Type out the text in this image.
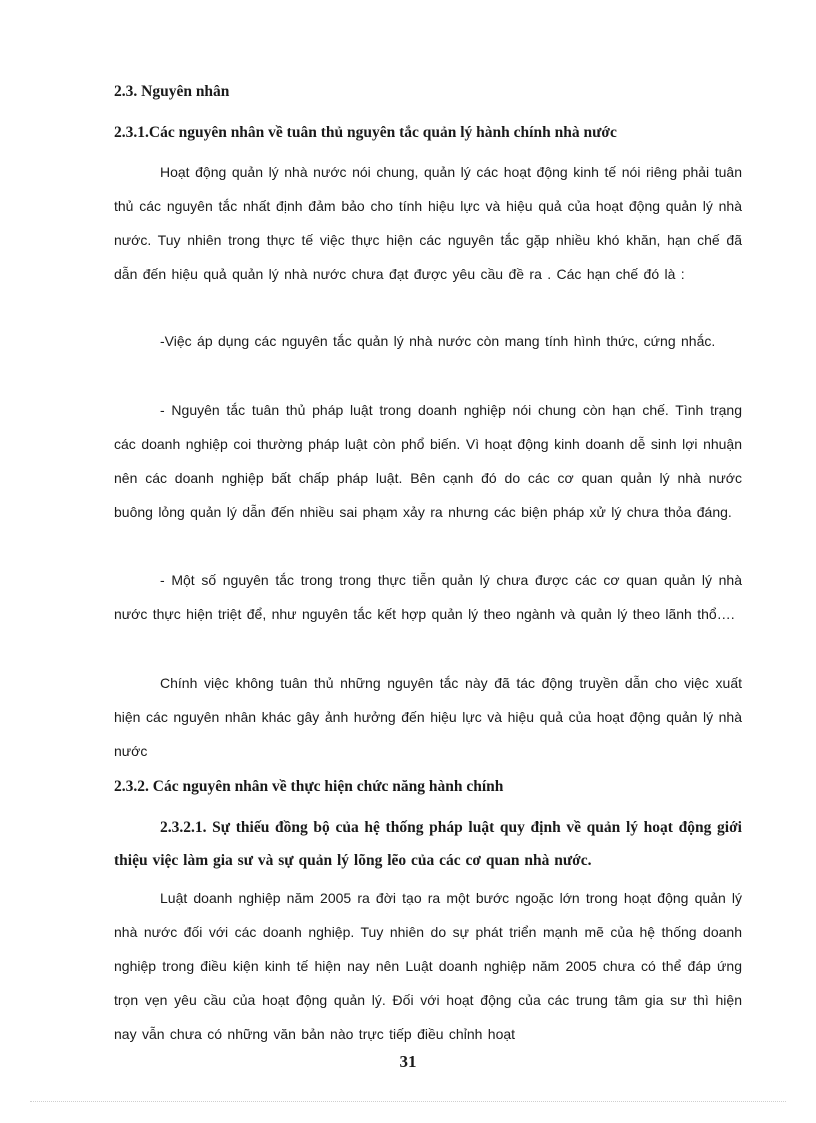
2.3. Nguyên nhân
2.3.1.Các nguyên nhân về tuân thủ nguyên tắc quản lý hành chính nhà nước

Hoạt động quản lý nhà nước nói chung, quản lý các hoạt động kinh tế nói riêng phải tuân thủ các nguyên tắc nhất định đảm bảo cho tính hiệu lực và hiệu quả của hoạt động quản lý nhà nước. Tuy nhiên trong thực tế việc thực hiện các nguyên tắc gặp nhiều khó khăn, hạn chế đã dẫn đến hiệu quả quản lý nhà nước chưa đạt được yêu cầu đề ra . Các hạn chế đó là :

-Việc áp dụng các nguyên tắc quản lý nhà nước còn mang tính hình thức, cứng nhắc.

- Nguyên tắc tuân thủ pháp luật trong doanh nghiệp nói chung còn hạn chế. Tình trạng các doanh nghiệp coi thường pháp luật còn phổ biến. Vì hoạt động kinh doanh dễ sinh lợi nhuận nên các doanh nghiệp bất chấp pháp luật. Bên cạnh đó do các cơ quan quản lý nhà nước buông lỏng quản lý dẫn đến nhiều sai phạm xảy ra nhưng các biện pháp xử lý chưa thỏa đáng.

- Một số nguyên tắc trong trong thực tiễn quản lý chưa được các cơ quan quản lý nhà nước thực hiện triệt để, như nguyên tắc kết hợp quản lý theo ngành và quản lý theo lãnh thổ….

Chính việc không tuân thủ những nguyên tắc này đã tác động truyền dẫn cho việc xuất hiện các nguyên nhân khác gây ảnh hưởng đến hiệu lực và hiệu quả của hoạt động quản lý nhà nước

2.3.2. Các nguyên nhân về thực hiện chức năng hành chính

2.3.2.1. Sự thiếu đồng bộ của hệ thống pháp luật quy định về quản lý hoạt động giới thiệu việc làm gia sư và sự quản lý lõng lẽo của các cơ quan nhà nước.

Luật doanh nghiệp năm 2005 ra đời tạo ra một bước ngoặc lớn trong hoạt động quản lý nhà nước đối với các doanh nghiệp. Tuy nhiên do sự phát triển mạnh mẽ của hệ thống doanh nghiệp trong điều kiện kinh tế hiện nay nên Luật doanh nghiệp năm 2005 chưa có thể đáp ứng trọn vẹn yêu cầu của hoạt động quản lý. Đối với hoạt động của các trung tâm gia sư thì hiện nay vẫn chưa có những văn bản nào trực tiếp điều chỉnh hoạt

31
